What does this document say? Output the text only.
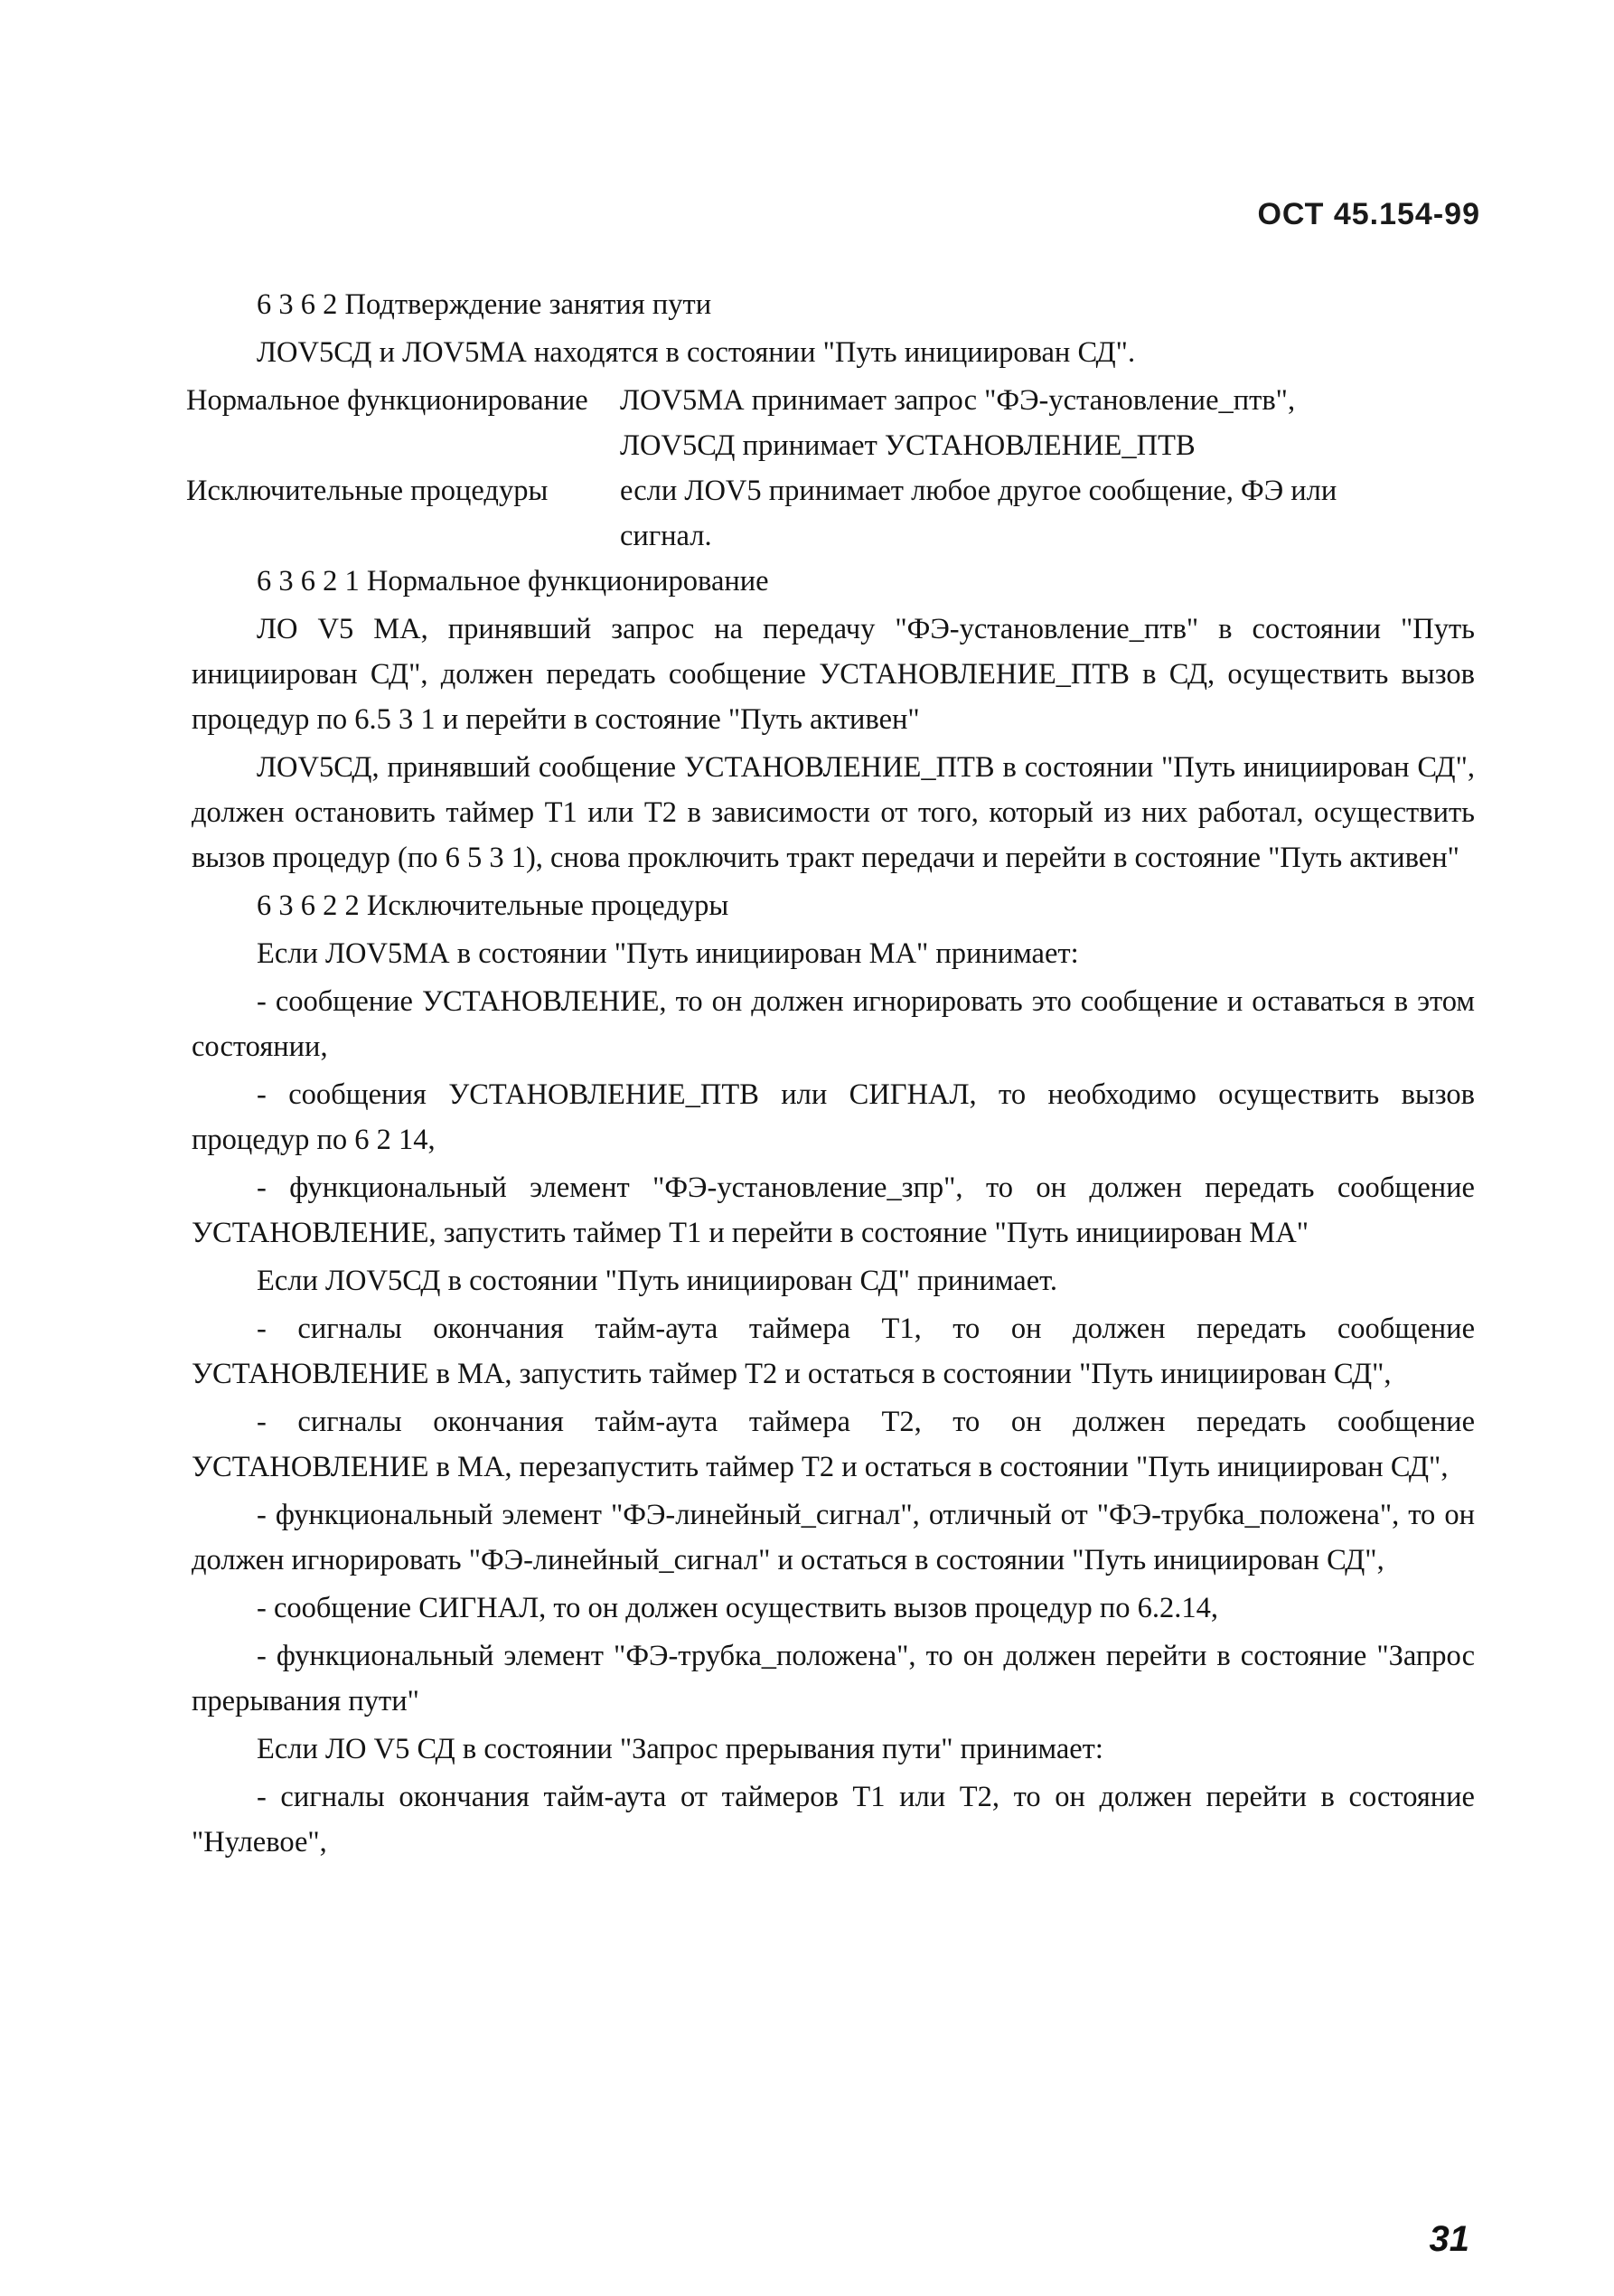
ОСТ 45.154-99

6 3 6 2 Подтверждение занятия пути

ЛОV5СД и ЛОV5МА находятся в состоянии "Путь инициирован СД".

Нормальное функционирование	ЛОV5МА принимает запрос "ФЭ-установление_птв",
ЛОV5СД принимает УСТАНОВЛЕНИЕ_ПТВ
Исключительные процедуры	если ЛОV5 принимает любое другое сообщение, ФЭ или
сигнал.

6 3 6 2 1 Нормальное функционирование

ЛО V5 МА, принявший запрос на передачу "ФЭ-установление_птв" в состоянии "Путь инициирован СД", должен передать сообщение УСТАНОВЛЕНИЕ_ПТВ в СД, осуществить вызов процедур по 6.5 3 1 и перейти в состояние "Путь активен"

ЛОV5СД, принявший сообщение УСТАНОВЛЕНИЕ_ПТВ в состоянии "Путь инициирован СД", должен остановить таймер Т1 или Т2 в зависимости от того, который из них работал, осуществить вызов процедур (по 6 5 3 1), снова проключить тракт передачи и перейти в состояние "Путь активен"

6 3 6 2 2 Исключительные процедуры

Если ЛОV5МА в состоянии "Путь инициирован МА" принимает:

- сообщение УСТАНОВЛЕНИЕ, то он должен игнорировать это сообщение и оставаться в этом состоянии,

- сообщения УСТАНОВЛЕНИЕ_ПТВ или СИГНАЛ, то необходимо осуществить вызов процедур по 6 2 14,

- функциональный элемент "ФЭ-установление_зпр", то он должен передать сообщение УСТАНОВЛЕНИЕ, запустить таймер Т1 и перейти в состояние "Путь инициирован МА"

Если ЛОV5СД в состоянии "Путь инициирован СД" принимает.

- сигналы окончания тайм-аута таймера Т1, то он должен передать сообщение УСТАНОВЛЕНИЕ в МА, запустить таймер Т2 и остаться в состоянии "Путь инициирован СД",

- сигналы окончания тайм-аута таймера Т2, то он должен передать сообщение УСТАНОВЛЕНИЕ в МА, перезапустить таймер Т2 и остаться в состоянии "Путь инициирован СД",

- функциональный элемент "ФЭ-линейный_сигнал", отличный от "ФЭ-трубка_положена", то он должен игнорировать "ФЭ-линейный_сигнал" и остаться в состоянии "Путь инициирован СД",

- сообщение СИГНАЛ, то он должен осуществить вызов процедур по 6.2.14,

- функциональный элемент "ФЭ-трубка_положена", то он должен перейти в состояние "Запрос прерывания пути"

Если ЛО V5 СД в состоянии "Запрос прерывания пути" принимает:

- сигналы окончания тайм-аута от таймеров Т1 или Т2, то он должен перейти в состояние "Нулевое",

31
